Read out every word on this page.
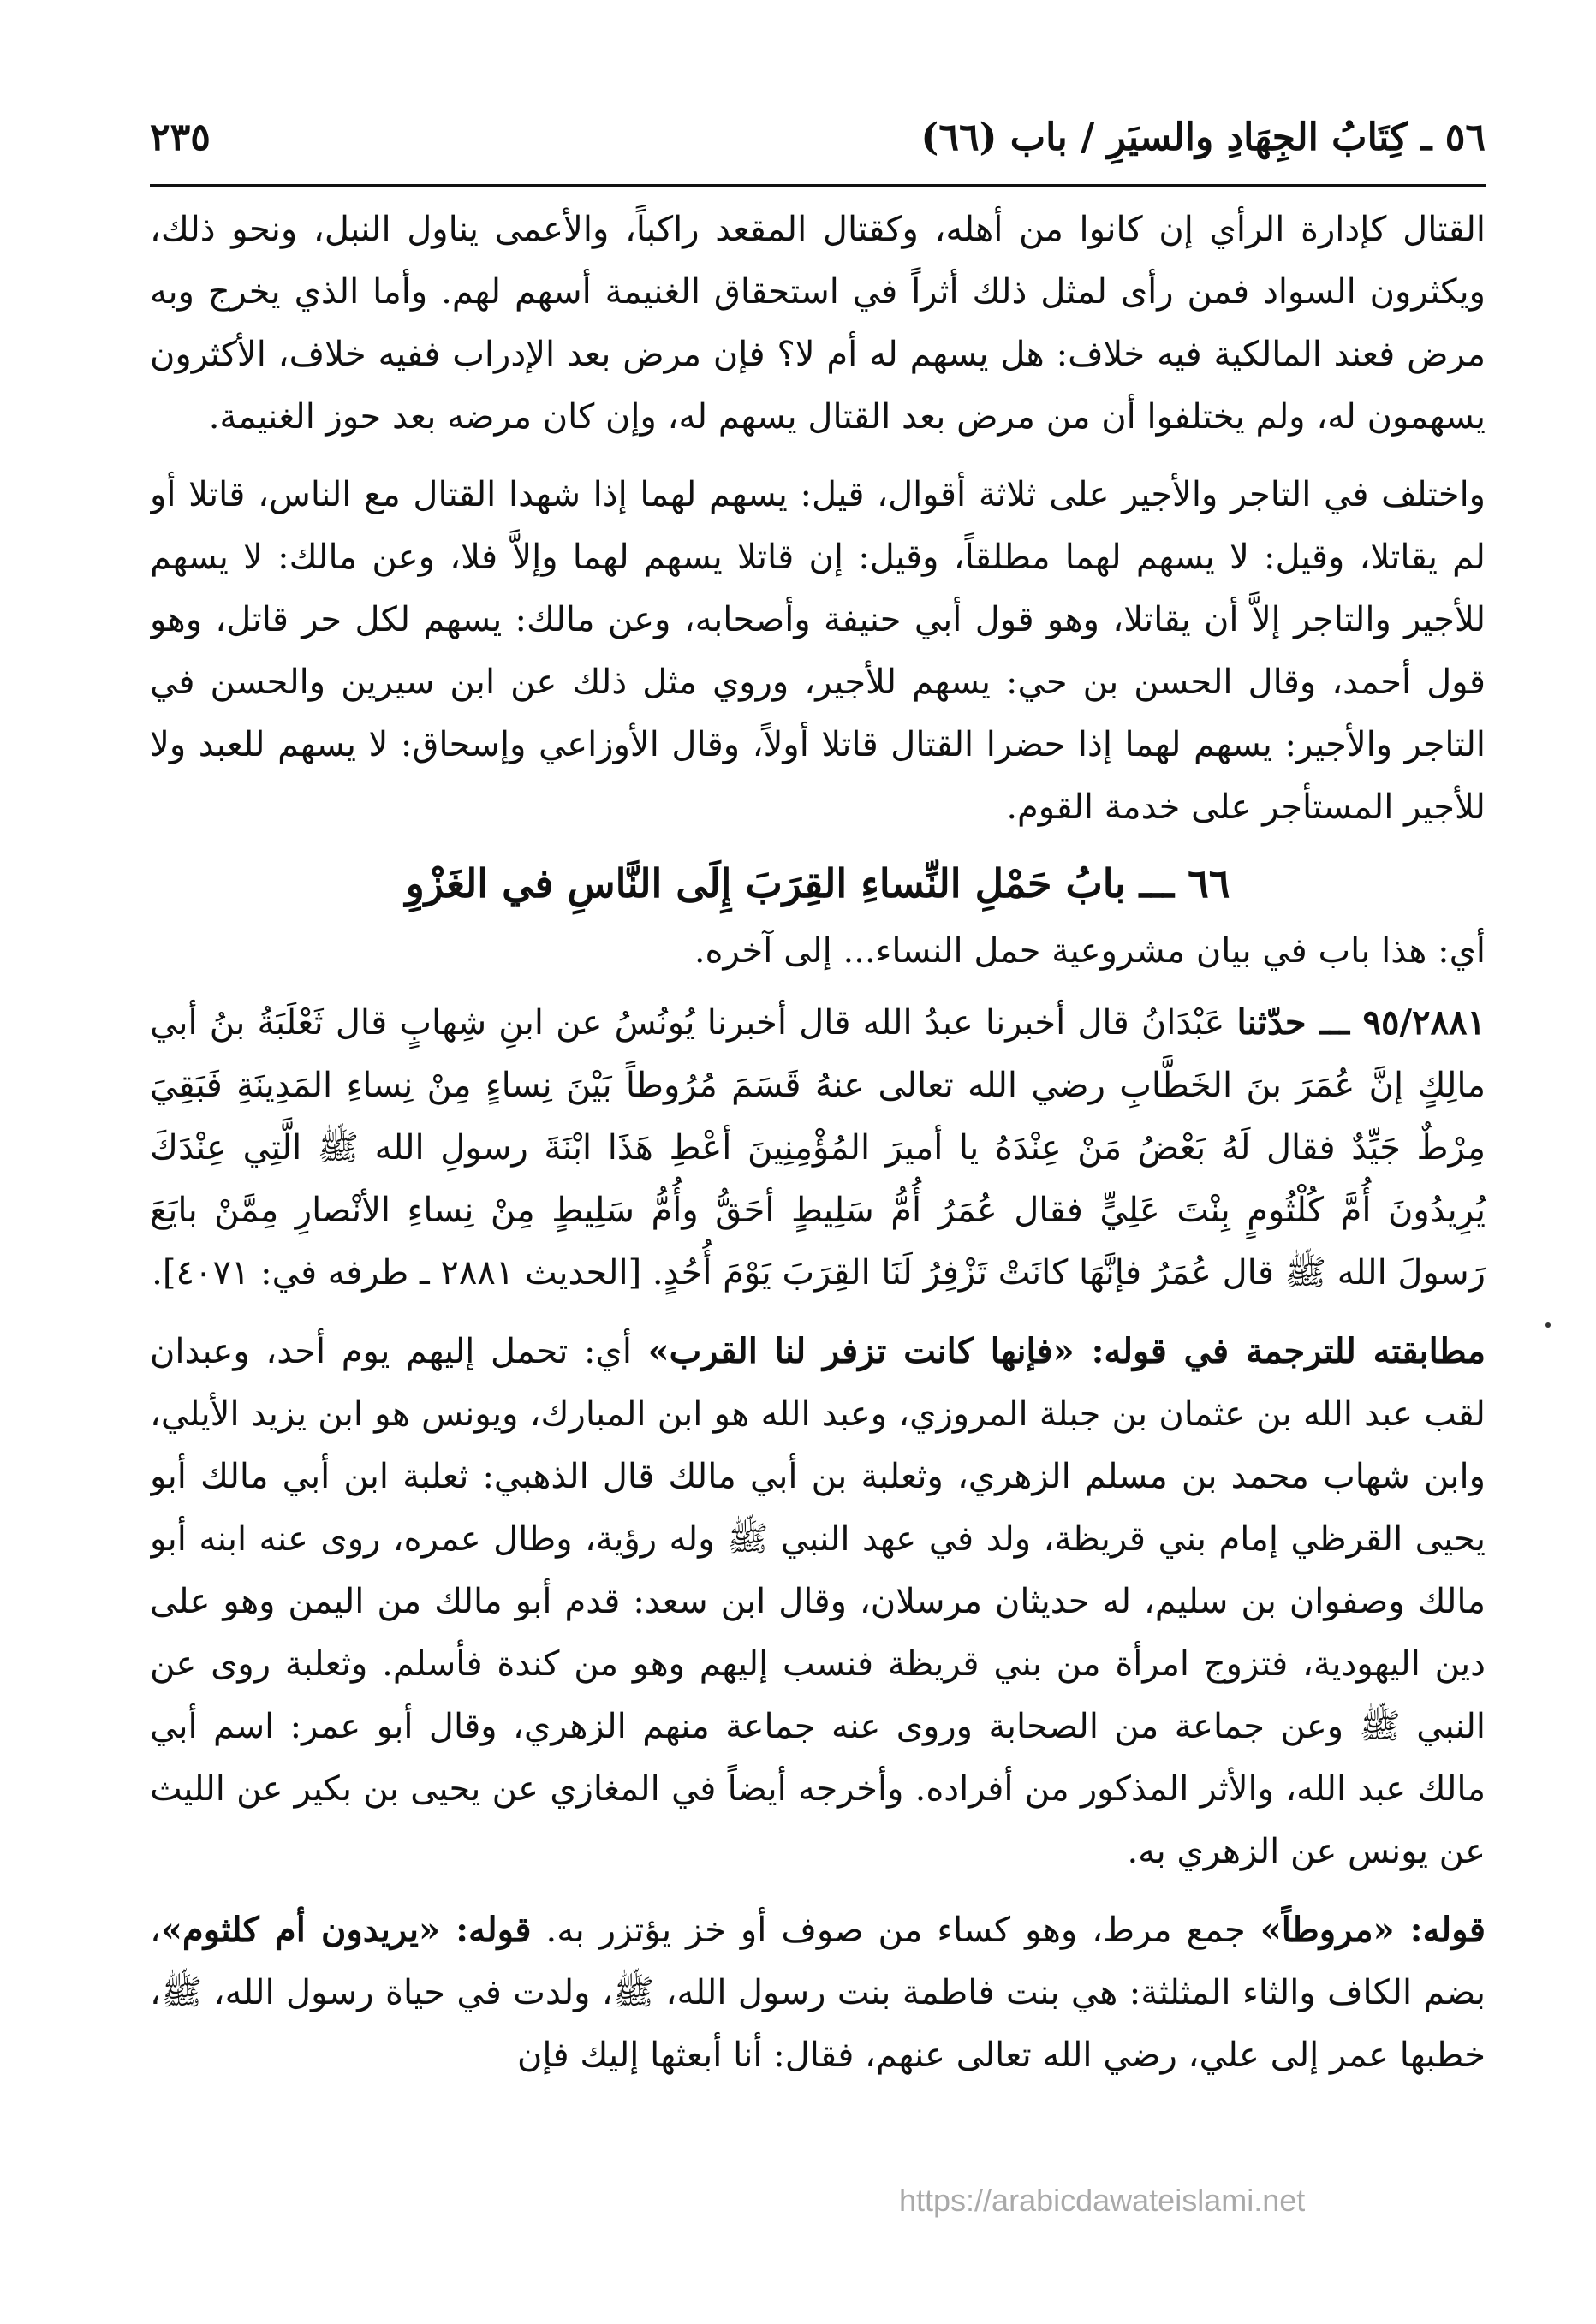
٥٦ ـ كِتَابُ الجِهَادِ والسيَرِ / باب (٦٦)
٢٣٥

القتال كإدارة الرأي إن كانوا من أهله، وكقتال المقعد راكباً، والأعمى يناول النبل، ونحو ذلك، ويكثرون السواد فمن رأى لمثل ذلك أثراً في استحقاق الغنيمة أسهم لهم. وأما الذي يخرج وبه مرض فعند المالكية فيه خلاف: هل يسهم له أم لا؟ فإن مرض بعد الإدراب ففيه خلاف، الأكثرون يسهمون له، ولم يختلفوا أن من مرض بعد القتال يسهم له، وإن كان مرضه بعد حوز الغنيمة.

واختلف في التاجر والأجير على ثلاثة أقوال، قيل: يسهم لهما إذا شهدا القتال مع الناس، قاتلا أو لم يقاتلا، وقيل: لا يسهم لهما مطلقاً، وقيل: إن قاتلا يسهم لهما وإلاَّ فلا، وعن مالك: لا يسهم للأجير والتاجر إلاَّ أن يقاتلا، وهو قول أبي حنيفة وأصحابه، وعن مالك: يسهم لكل حر قاتل، وهو قول أحمد، وقال الحسن بن حي: يسهم للأجير، وروي مثل ذلك عن ابن سيرين والحسن في التاجر والأجير: يسهم لهما إذا حضرا القتال قاتلا أولاً، وقال الأوزاعي وإسحاق: لا يسهم للعبد ولا للأجير المستأجر على خدمة القوم.

٦٦ ـــ بابُ حَمْلِ النِّساءِ القِرَبَ إِلَى النَّاسِ في الغَزْوِ

أي: هذا باب في بيان مشروعية حمل النساء... إلى آخره.

٩٥/٢٨٨١ ـــ حدّثنا عَبْدَانُ قال أخبرنا عبدُ الله قال أخبرنا يُونُسُ عن ابنِ شِهابٍ قال ثَعْلَبَةُ بنُ أبي مالِكٍ إنَّ عُمَرَ بنَ الخَطَّابِ رضي الله تعالى عنهُ قَسَمَ مُرُوطاً بَيْنَ نِساءٍ مِنْ نِساءِ المَدِينَةِ فَبَقِيَ مِرْطٌ جَيِّدٌ فقال لَهُ بَعْضُ مَنْ عِنْدَهُ يا أميرَ المُؤْمِنِينَ أعْطِ هَذَا ابْنَةَ رسولِ الله ﷺ الَّتِي عِنْدَكَ يُرِيدُونَ أُمَّ كُلْثُومٍ بِنْتَ عَلِيٍّ فقال عُمَرُ أُمُّ سَلِيطٍ أحَقُّ وأُمُّ سَلِيطٍ مِنْ نِساءِ الأنْصارِ مِمَّنْ بايَعَ رَسولَ الله ﷺ قال عُمَرُ فإنَّهَا كانَتْ تَزْفِرُ لَنَا القِرَبَ يَوْمَ أُحُدٍ. [الحديث ٢٨٨١ ـ طرفه في: ٤٠٧١].

مطابقته للترجمة في قوله: «فإنها كانت تزفر لنا القرب» أي: تحمل إليهم يوم أحد، وعبدان لقب عبد الله بن عثمان بن جبلة المروزي، وعبد الله هو ابن المبارك، ويونس هو ابن يزيد الأيلي، وابن شهاب محمد بن مسلم الزهري، وثعلبة بن أبي مالك قال الذهبي: ثعلبة ابن أبي مالك أبو يحيى القرظي إمام بني قريظة، ولد في عهد النبي ﷺ وله رؤية، وطال عمره، روى عنه ابنه أبو مالك وصفوان بن سليم، له حديثان مرسلان، وقال ابن سعد: قدم أبو مالك من اليمن وهو على دين اليهودية، فتزوج امرأة من بني قريظة فنسب إليهم وهو من كندة فأسلم. وثعلبة روى عن النبي ﷺ وعن جماعة من الصحابة وروى عنه جماعة منهم الزهري، وقال أبو عمر: اسم أبي مالك عبد الله، والأثر المذكور من أفراده. وأخرجه أيضاً في المغازي عن يحيى بن بكير عن الليث عن يونس عن الزهري به.

قوله: «مروطاً» جمع مرط، وهو كساء من صوف أو خز يؤتزر به. قوله: «يريدون أم كلثوم»، بضم الكاف والثاء المثلثة: هي بنت فاطمة بنت رسول الله، ﷺ، ولدت في حياة رسول الله، ﷺ، خطبها عمر إلى علي، رضي الله تعالى عنهم، فقال: أنا أبعثها إليك فإن

https://arabicdawateislami.net
